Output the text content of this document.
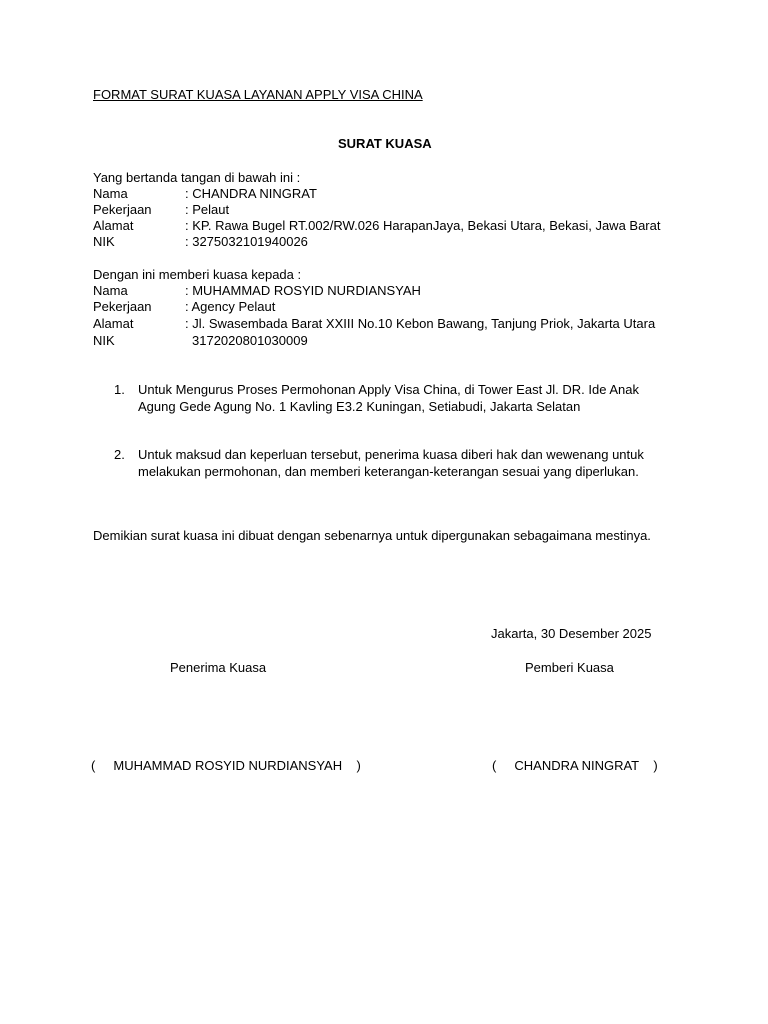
FORMAT SURAT KUASA LAYANAN APPLY VISA CHINA
SURAT KUASA
Yang bertanda tangan di bawah ini :
Nama	: CHANDRA NINGRAT
Pekerjaan	: Pelaut
Alamat	: KP. Rawa Bugel RT.002/RW.026 HarapanJaya, Bekasi Utara, Bekasi, Jawa Barat
NIK	: 3275032101940026
Dengan ini memberi kuasa kepada :
Nama	: MUHAMMAD ROSYID NURDIANSYAH
Pekerjaan	: Agency Pelaut
Alamat	: Jl. Swasembada Barat XXIII No.10 Kebon Bawang, Tanjung Priok, Jakarta Utara
NIK	3172020801030009
1. Untuk Mengurus Proses Permohonan Apply Visa China, di Tower East Jl. DR. Ide Anak Agung Gede Agung No. 1 Kavling E3.2 Kuningan, Setiabudi, Jakarta Selatan
2. Untuk maksud dan keperluan tersebut, penerima kuasa diberi hak dan wewenang untuk melakukan permohonan, dan memberi keterangan-keterangan sesuai yang diperlukan.
Demikian surat kuasa ini dibuat dengan sebenarnya untuk dipergunakan sebagaimana mestinya.
Jakarta, 30 Desember 2025
Penerima Kuasa	Pemberi Kuasa
(     MUHAMMAD ROSYID NURDIANSYAH    )	(     CHANDRA NINGRAT    )
